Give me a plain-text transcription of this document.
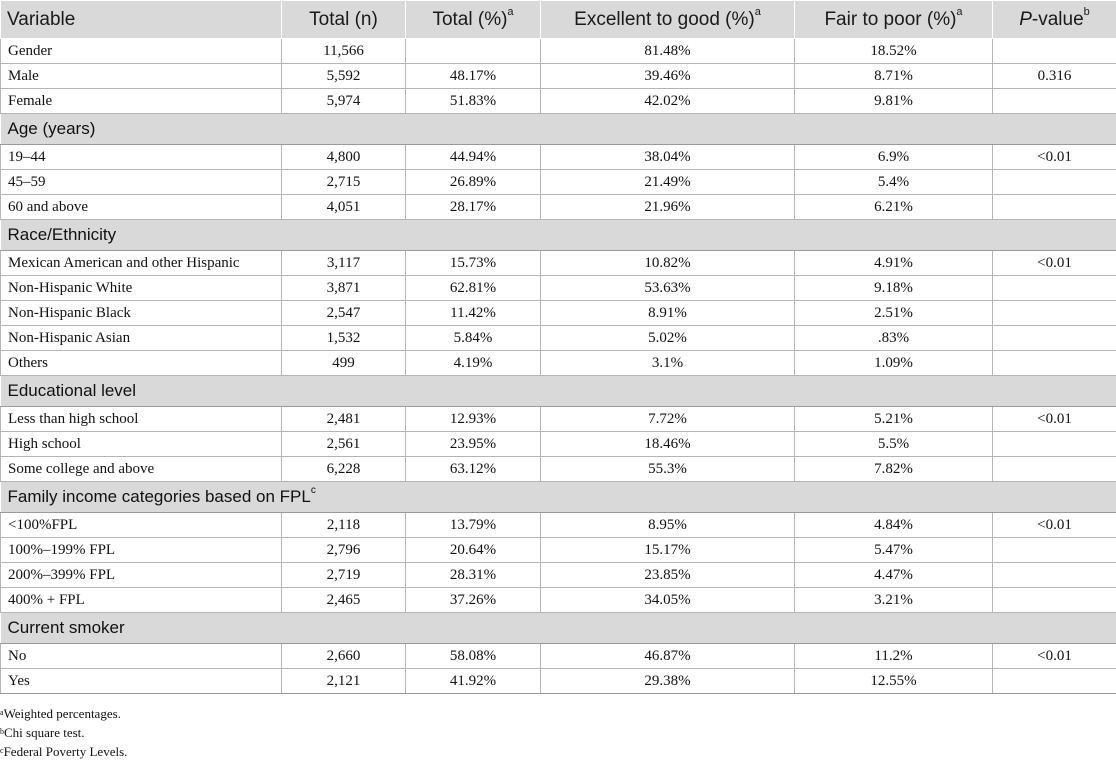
Variable	Total (n)	Total (%)$^a$	Excellent to good (%)$^a$	Fair to poor (%)$^a$	P-value$^b$
Gender	11,566		81.48%	18.52%	
Male	5,592	48.17%	39.46%	8.71%	0.316
Female	5,974	51.83%	42.02%	9.81%	
Age (years)					
19–44	4,800	44.94%	38.04%	6.9%	<0.01
45–59	2,715	26.89%	21.49%	5.4%	
60 and above	4,051	28.17%	21.96%	6.21%	
Race/Ethnicity					
Mexican American and other Hispanic	3,117	15.73%	10.82%	4.91%	<0.01
Non-Hispanic White	3,871	62.81%	53.63%	9.18%	
Non-Hispanic Black	2,547	11.42%	8.91%	2.51%	
Non-Hispanic Asian	1,532	5.84%	5.02%	.83%	
Others	499	4.19%	3.1%	1.09%	
Educational level					
Less than high school	2,481	12.93%	7.72%	5.21%	<0.01
High school	2,561	23.95%	18.46%	5.5%	
Some college and above	6,228	63.12%	55.3%	7.82%	
Family income categories based on $FPL^c$
<100%FPL	2,118	13.79%	8.95%	4.84%	<0.01
100%–199% FPL	2,796	20.64%	15.17%	5.47%	
200%–399% FPL	2,719	28.31%	23.85%	4.47%	
400% + FPL	2,465	37.26%	34.05%	3.21%	
Current smoker					
No	2,660	58.08%	46.87%	11.2%	<0.01
Yes	2,121	41.92%	29.38%	12.55%	
$^a$Weighted percentages.
$^b$Chi square test.
$^c$Federal Poverty Levels.
